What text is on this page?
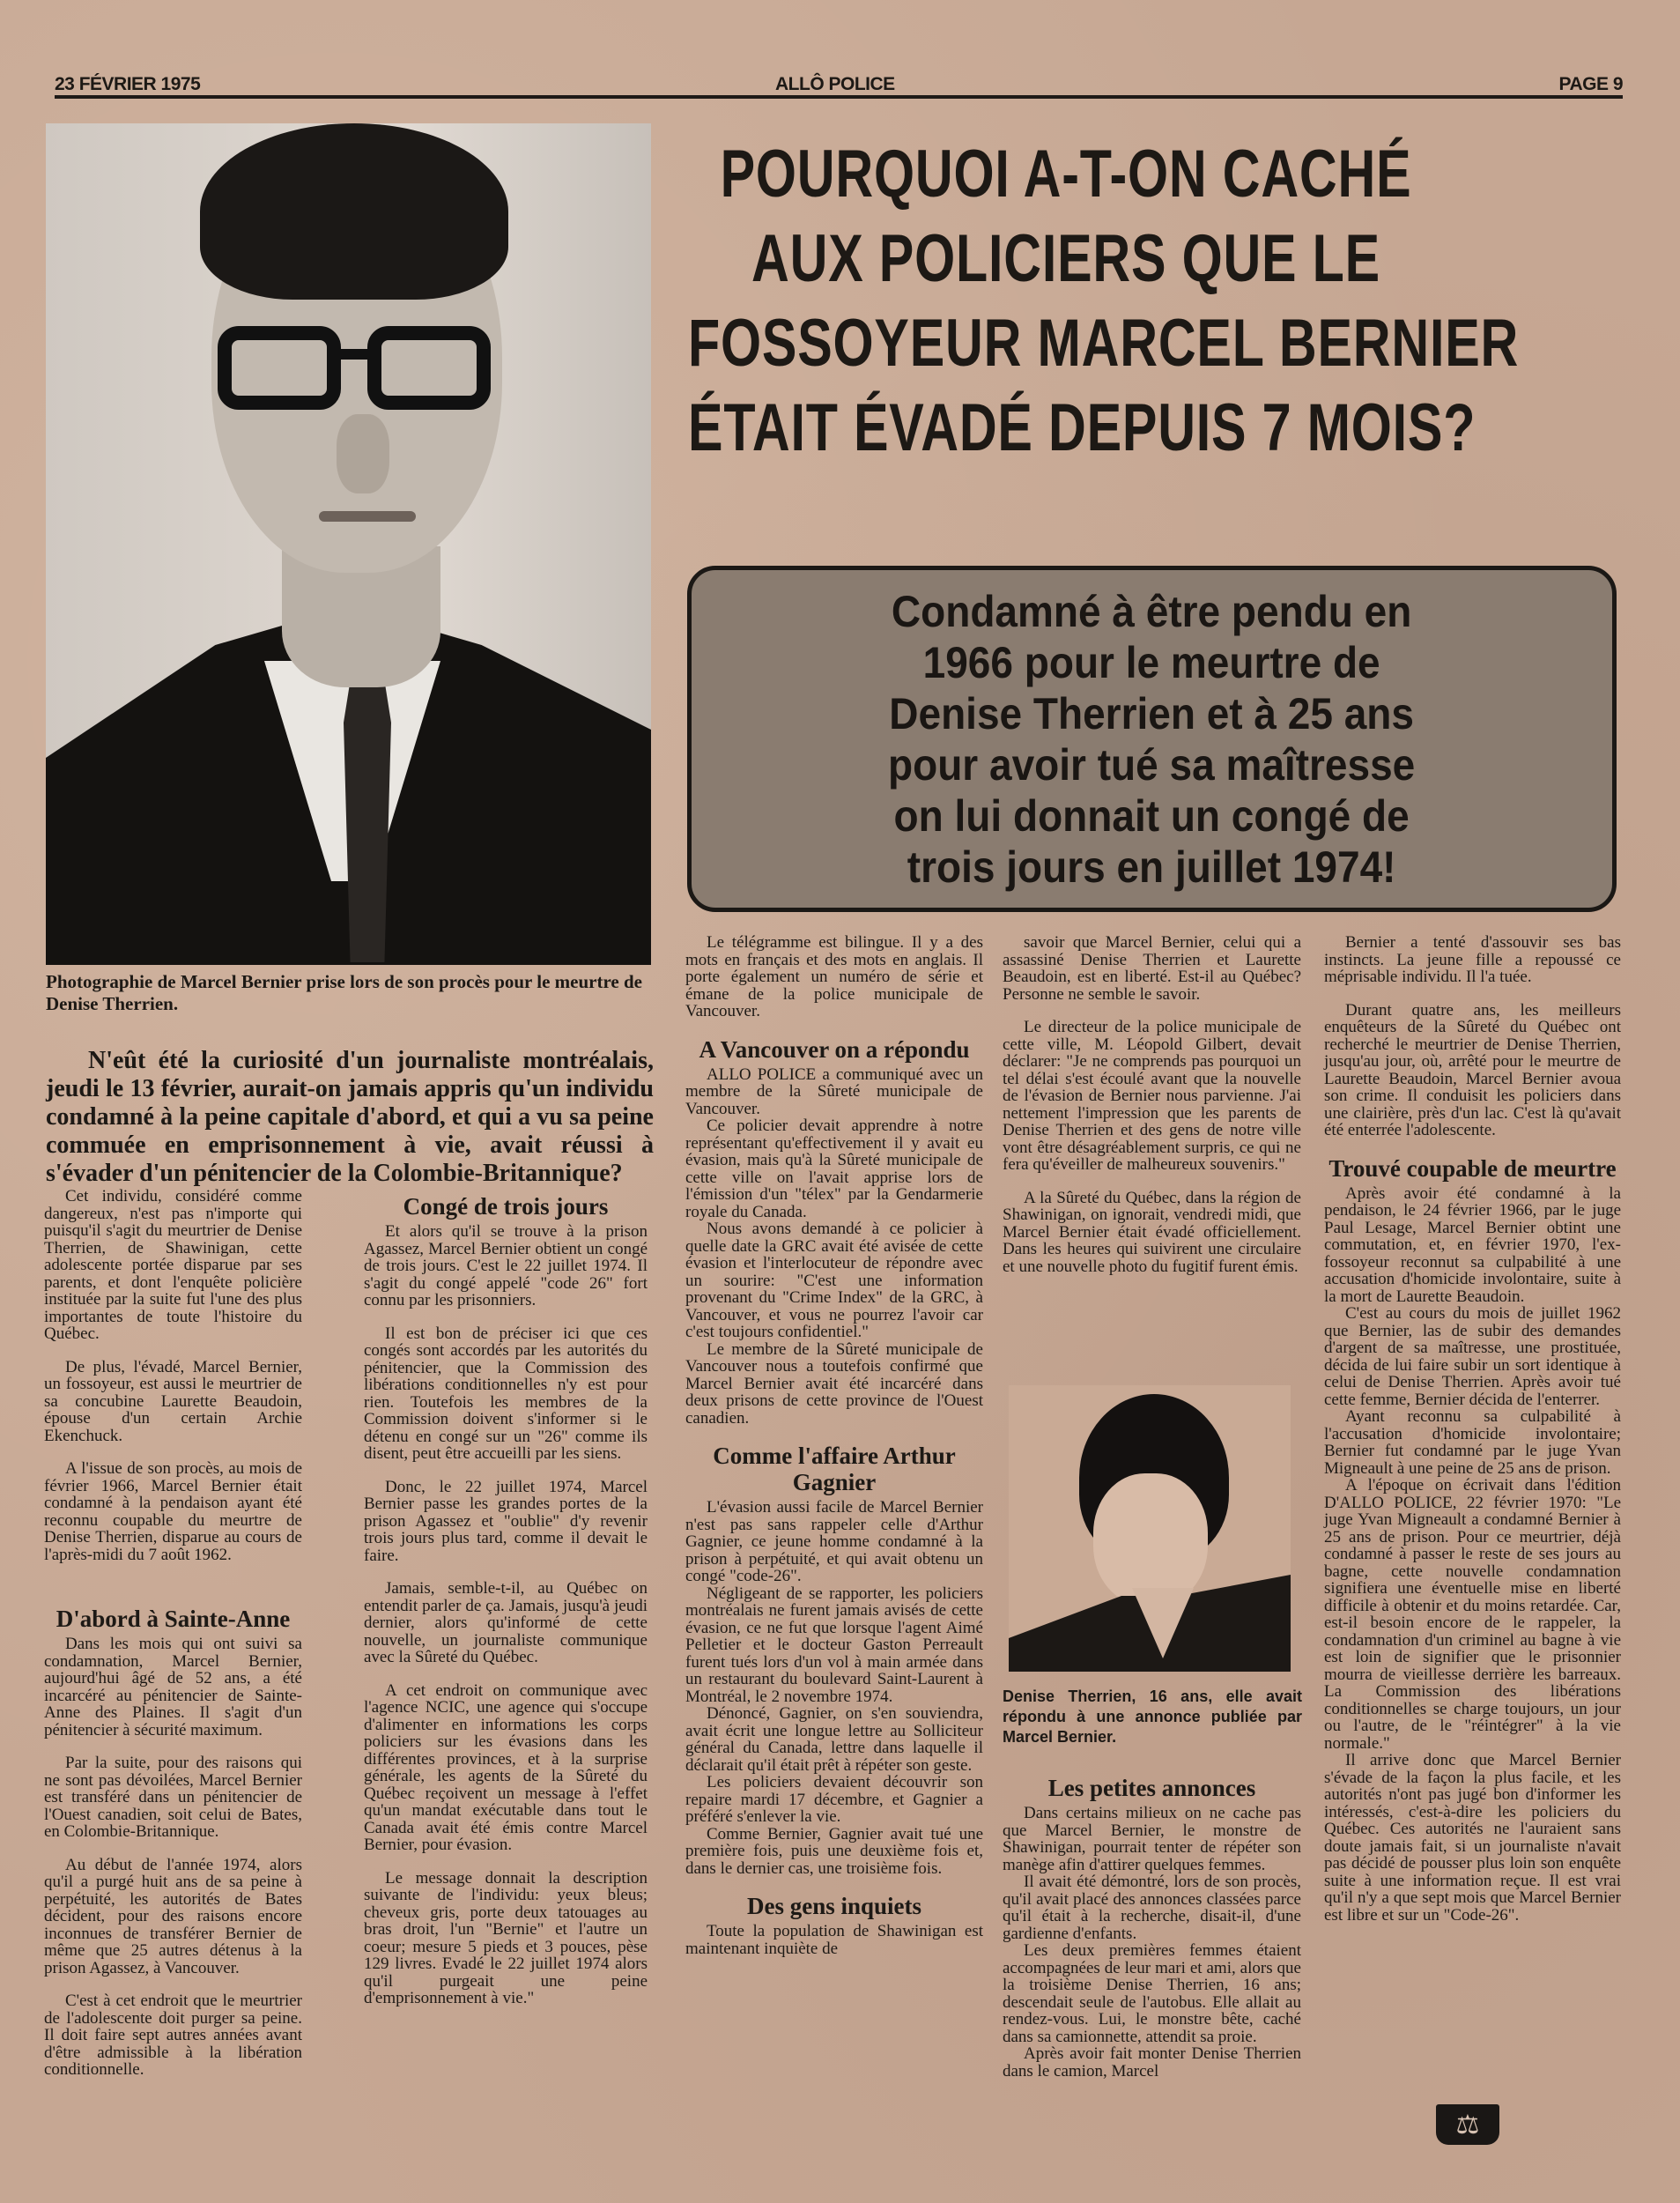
23 FÉVRIER 1975	ALLÔ POLICE	PAGE 9
Photographie de Marcel Bernier prise lors de son procès pour le meurtre de Denise Therrien.
POURQUOI A-T-ON CACHÉ
AUX POLICIERS QUE LE
FOSSOYEUR MARCEL BERNIER
ÉTAIT ÉVADÉ DEPUIS 7 MOIS?
Condamné à être pendu en
1966 pour le meurtre de
Denise Therrien et à 25 ans
pour avoir tué sa maîtresse
on lui donnait un congé de
trois jours en juillet 1974!
N'eût été la curiosité d'un journaliste montréalais, jeudi le 13 février, aurait-on jamais appris qu'un individu condamné à la peine capitale d'abord, et qui a vu sa peine commuée en emprisonnement à vie, avait réussi à s'évader d'un pénitencier de la Colombie-Britannique?

Cet individu, considéré comme dangereux, n'est pas n'importe qui puisqu'il s'agit du meurtrier de Denise Therrien, de Shawinigan, cette adolescente portée disparue par ses parents, et dont l'enquête policière instituée par la suite fut l'une des plus importantes de toute l'histoire du Québec.

De plus, l'évadé, Marcel Bernier, un fossoyeur, est aussi le meurtrier de sa concubine Laurette Beaudoin, épouse d'un certain Archie Ekenchuck.

A l'issue de son procès, au mois de février 1966, Marcel Bernier était condamné à la pendaison ayant été reconnu coupable du meurtre de Denise Therrien, disparue au cours de l'après-midi du 7 août 1962.

D'abord à Sainte-Anne

Dans les mois qui ont suivi sa condamnation, Marcel Bernier, aujourd'hui âgé de 52 ans, a été incarcéré au pénitencier de Sainte-Anne des Plaines. Il s'agit d'un pénitencier à sécurité maximum.

Par la suite, pour des raisons qui ne sont pas dévoilées, Marcel Bernier est transféré dans un pénitencier de l'Ouest canadien, soit celui de Bates, en Colombie-Britannique.

Au début de l'année 1974, alors qu'il a purgé huit ans de sa peine à perpétuité, les autorités de Bates décident, pour des raisons encore inconnues de transférer Bernier de même que 25 autres détenus à la prison Agassez, à Vancouver.

C'est à cet endroit que le meurtrier de l'adolescente doit purger sa peine. Il doit faire sept autres années avant d'être admissible à la libération conditionnelle.

Congé de trois jours

Et alors qu'il se trouve à la prison Agassez, Marcel Bernier obtient un congé de trois jours. C'est le 22 juillet 1974. Il s'agit du congé appelé "code 26" fort connu par les prisonniers.

Il est bon de préciser ici que ces congés sont accordés par les autorités du pénitencier, que la Commission des libérations conditionnelles n'y est pour rien. Toutefois les membres de la Commission doivent s'informer si le détenu en congé sur un "26" comme ils disent, peut être accueilli par les siens.

Donc, le 22 juillet 1974, Marcel Bernier passe les grandes portes de la prison Agassez et "oublie" d'y revenir trois jours plus tard, comme il devait le faire.

Jamais, semble-t-il, au Québec on entendit parler de ça. Jamais, jusqu'à jeudi dernier, alors qu'informé de cette nouvelle, un journaliste communique avec la Sûreté du Québec.

A cet endroit on communique avec l'agence NCIC, une agence qui s'occupe d'alimenter en informations les corps policiers sur les évasions dans les différentes provinces, et à la surprise générale, les agents de la Sûreté du Québec reçoivent un message à l'effet qu'un mandat exécutable dans tout le Canada avait été émis contre Marcel Bernier, pour évasion.

Le message donnait la description suivante de l'individu: yeux bleus; cheveux gris, porte deux tatouages au bras droit, l'un "Bernie" et l'autre un coeur; mesure 5 pieds et 3 pouces, pèse 129 livres. Evadé le 22 juillet 1974 alors qu'il purgeait une peine d'emprisonnement à vie."

Le télégramme est bilingue. Il y a des mots en français et des mots en anglais. Il porte également un numéro de série et émane de la police municipale de Vancouver.

A Vancouver on a répondu

ALLO POLICE a communiqué avec un membre de la Sûreté municipale de Vancouver.

Ce policier devait apprendre à notre représentant qu'effectivement il y avait eu évasion, mais qu'à la Sûreté municipale de cette ville on l'avait apprise lors de l'émission d'un "télex" par la Gendarmerie royale du Canada.

Nous avons demandé à ce policier à quelle date la GRC avait été avisée de cette évasion et l'interlocuteur de répondre avec un sourire: "C'est une information provenant du "Crime Index" de la GRC, à Vancouver, et vous ne pourrez l'avoir car c'est toujours confidentiel."

Le membre de la Sûreté municipale de Vancouver nous a toutefois confirmé que Marcel Bernier avait été incarcéré dans deux prisons de cette province de l'Ouest canadien.

Comme l'affaire Arthur Gagnier

L'évasion aussi facile de Marcel Bernier n'est pas sans rappeler celle d'Arthur Gagnier, ce jeune homme condamné à la prison à perpétuité, et qui avait obtenu un congé "code-26".

Négligeant de se rapporter, les policiers montréalais ne furent jamais avisés de cette évasion, ce ne fut que lorsque l'agent Aimé Pelletier et le docteur Gaston Perreault furent tués lors d'un vol à main armée dans un restaurant du boulevard Saint-Laurent à Montréal, le 2 novembre 1974.

Dénoncé, Gagnier, on s'en souviendra, avait écrit une longue lettre au Solliciteur général du Canada, lettre dans laquelle il déclarait qu'il était prêt à répéter son geste.

Les policiers devaient découvrir son repaire mardi 17 décembre, et Gagnier a préféré s'enlever la vie.

Comme Bernier, Gagnier avait tué une première fois, puis une deuxième fois et, dans le dernier cas, une troisième fois.

Des gens inquiets

Toute la population de Shawinigan est maintenant inquiète de

savoir que Marcel Bernier, celui qui a assassiné Denise Therrien et Laurette Beaudoin, est en liberté. Est-il au Québec? Personne ne semble le savoir.

Le directeur de la police municipale de cette ville, M. Léopold Gilbert, devait déclarer: "Je ne comprends pas pourquoi un tel délai s'est écoulé avant que la nouvelle de l'évasion de Bernier nous parvienne. J'ai nettement l'impression que les parents de Denise Therrien et des gens de notre ville vont être désagréablement surpris, ce qui ne fera qu'éveiller de malheureux souvenirs."

A la Sûreté du Québec, dans la région de Shawinigan, on ignorait, vendredi midi, que Marcel Bernier était évadé officiellement. Dans les heures qui suivirent une circulaire et une nouvelle photo du fugitif furent émis.

Denise Therrien, 16 ans, elle avait répondu à une annonce publiée par Marcel Bernier.
Les petites annonces

Dans certains milieux on ne cache pas que Marcel Bernier, le monstre de Shawinigan, pourrait tenter de répéter son manège afin d'attirer quelques femmes.

Il avait été démontré, lors de son procès, qu'il avait placé des annonces classées parce qu'il était à la recherche, disait-il, d'une gardienne d'enfants.

Les deux premières femmes étaient accompagnées de leur mari et ami, alors que la troisième Denise Therrien, 16 ans; descendait seule de l'autobus. Elle allait au rendez-vous. Lui, le monstre bête, caché dans sa camionnette, attendit sa proie.

Après avoir fait monter Denise Therrien dans le camion, Marcel

Bernier a tenté d'assouvir ses bas instincts. La jeune fille a repoussé ce méprisable individu. Il l'a tuée.

Durant quatre ans, les meilleurs enquêteurs de la Sûreté du Québec ont recherché le meurtrier de Denise Therrien, jusqu'au jour, où, arrêté pour le meurtre de Laurette Beaudoin, Marcel Bernier avoua son crime. Il conduisit les policiers dans une clairière, près d'un lac. C'est là qu'avait été enterrée l'adolescente.

Trouvé coupable de meurtre

Après avoir été condamné à la pendaison, le 24 février 1966, par le juge Paul Lesage, Marcel Bernier obtint une commutation, et, en février 1970, l'ex-fossoyeur reconnut sa culpabilité à une accusation d'homicide involontaire, suite à la mort de Laurette Beaudoin.

C'est au cours du mois de juillet 1962 que Bernier, las de subir des demandes d'argent de sa maîtresse, une prostituée, décida de lui faire subir un sort identique à celui de Denise Therrien. Après avoir tué cette femme, Bernier décida de l'enterrer.

Ayant reconnu sa culpabilité à l'accusation d'homicide involontaire; Bernier fut condamné par le juge Yvan Migneault à une peine de 25 ans de prison.

A l'époque on écrivait dans l'édition D'ALLO POLICE, 22 février 1970: "Le juge Yvan Migneault a condamné Bernier à 25 ans de prison. Pour ce meurtrier, déjà condamné à passer le reste de ses jours au bagne, cette nouvelle condamnation signifiera une éventuelle mise en liberté difficile à obtenir et du moins retardée. Car, est-il besoin encore de le rappeler, la condamnation d'un criminel au bagne à vie est loin de signifier que le prisonnier mourra de vieillesse derrière les barreaux. La Commission des libérations conditionnelles se charge toujours, un jour ou l'autre, de le "réintégrer" à la vie normale."

Il arrive donc que Marcel Bernier s'évade de la façon la plus facile, et les autorités n'ont pas jugé bon d'informer les intéressés, c'est-à-dire les policiers du Québec. Ces autorités ne l'auraient sans doute jamais fait, si un journaliste n'avait pas décidé de pousser plus loin son enquête suite à une information reçue. Il est vrai qu'il n'y a que sept mois que Marcel Bernier est libre et sur un "Code-26".

⚖
